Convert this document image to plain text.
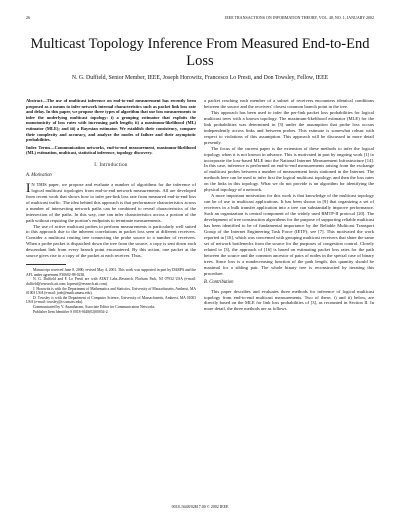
26	IEEE TRANSACTIONS ON INFORMATION THEORY, VOL. 48, NO. 1, JANUARY 2002
Multicast Topology Inference From Measured End-to-End Loss

N. G. Duffield, Senior Member, IEEE, Joseph Horowitz, Francesco Lo Presti, and Don Towsley, Fellow, IEEE

Abstract—The use of multicast inference on end-to-end measurement has recently been proposed as a means to infer network internal characteristics such as packet link loss rate and delay. In this paper, we propose three types of algorithm that use loss measurements to infer the underlying multicast topology: i) a grouping estimator that exploits the monotonicity of loss rates with increasing path length; ii) a maximum-likelihood (ML) estimator (MLE); and iii) a Bayesian estimator. We establish their consistency, compare their complexity and accuracy, and analyze the modes of failure and their asymptotic probabilities.

Index Terms—Communication networks, end-to-end measurement, maximum-likelihood (ML) estimation, multicast, statistical inference, topology discovery.

I. Introduction
A. Motivation

I N THIS paper, we propose and evaluate a number of algorithms for the inference of logical multicast topologies from end-to-end network measurements. All are developed from recent work that shows how to infer per-link loss rate from measured end-to-end loss of multicast traffic. The idea behind this approach is that performance characteristics across a number of intersecting network paths can be combined to reveal characteristics of the intersection of the paths. In this way, one can infer characteristics across a portion of the path without requiring the portion's endpoints to terminate measurements.

The use of active multicast probes to perform measurements is particularly well suited to this approach due to the inherent correlations in packet loss seen at different receivers. Consider a multicast routing tree connecting the probe source to a number of receivers. When a probe packet is dispatched down the tree from the source, a copy is sent down each descendant link from every branch point encountered. By this action, one packet at the source gives rise to a copy of the packet at each receiver. Thus,

Manuscript received June 8, 2000; revised May 4, 2001. This work was supported in part by DARPA and the AFL under agreement F30602-98-0238.

N. G. Duffield and F. Lo Presti are with AT&T Labs–Research, Florham Park, NJ 07932 USA (e-mail: duffield@research.att.com; lopresti@research.att.com).

J. Horowitz is with the Department of Mathematics and Statistics, University of Massachusetts, Amherst, MA 01003 USA (e-mail: joeh@math.umass.edu).

D. Towsley is with the Department of Computer Science, University of Massachusetts, Amherst, MA 01003 USA (e-mail: towsley@cs.umass.edu).

Communicated by V. Anantharam, Associate Editor for Communication Networks.

Publisher Item Identifier S 0018-9448(02)00034-2.

a packet reaching each member of a subset of receivers encounters identical conditions between the source and the receivers' closest common branch point in the tree.

This approach has been used to infer the per-link packet loss probabilities for logical multicast trees with a known topology. The maximum-likelihood estimator (MLE) for the link probabilities was determined in [3] under the assumption that probe loss occurs independently across links and between probes. This estimate is somewhat robust with respect to violations of this assumption. This approach will be discussed in more detail presently.

The focus of the current paper is the extension of these methods to infer the logical topology when it is not known in advance. This is motivated in part by ongoing work [1] to incorporate the loss-based MLE into the National Internet Measurement Infrastructure [14]. In this case, inference is performed on end-to-end measurements arising from the exchange of multicast probes between a number of measurement hosts stationed in the Internet. The methods here can be used to infer first the logical multicast topology, and then the loss rates on the links in this topology. What we do not provide is an algorithm for identifying the physical topology of a network.

A more important motivation for this work is that knowledge of the multicast topology can be of use to multicast applications. It has been shown in [9] that organizing a set of receivers in a bulk transfer application into a tree can substantially improve performance. Such an organization is central component of the widely used RMTP-II protocol [20]. The development of tree construction algorithms for the purpose of supporting reliable multicast has been identified to be of fundamental importance by the Reliable Multicast Transport Group of the Internet Engineering Task Force (IETF); see [7]. This motivated the work reported in [16], which was concerned with grouping multicast receivers that share the same set of network bottlenecks from the source for the purposes of congestion control. Closely related to [3], the approach of [16] is based on estimating packet loss rates for the path between the source and the common ancestor of pairs of nodes in the special case of binary trees. Since loss is a nondecreasing function of the path length, this quantity should be maximal for a sibling pair. The whole binary tree is reconstructed by iterating this procedure.

B. Contribution

This paper describes and evaluates three methods for inference of logical multicast topology from end-to-end multicast measurements. Two of these, i) and ii) below, are directly based on the MLE for link loss probabilities of [3], as recounted in Section II. In more detail, the three methods are as follows.

0018–9448/02$17.00 © 2002 IEEE
